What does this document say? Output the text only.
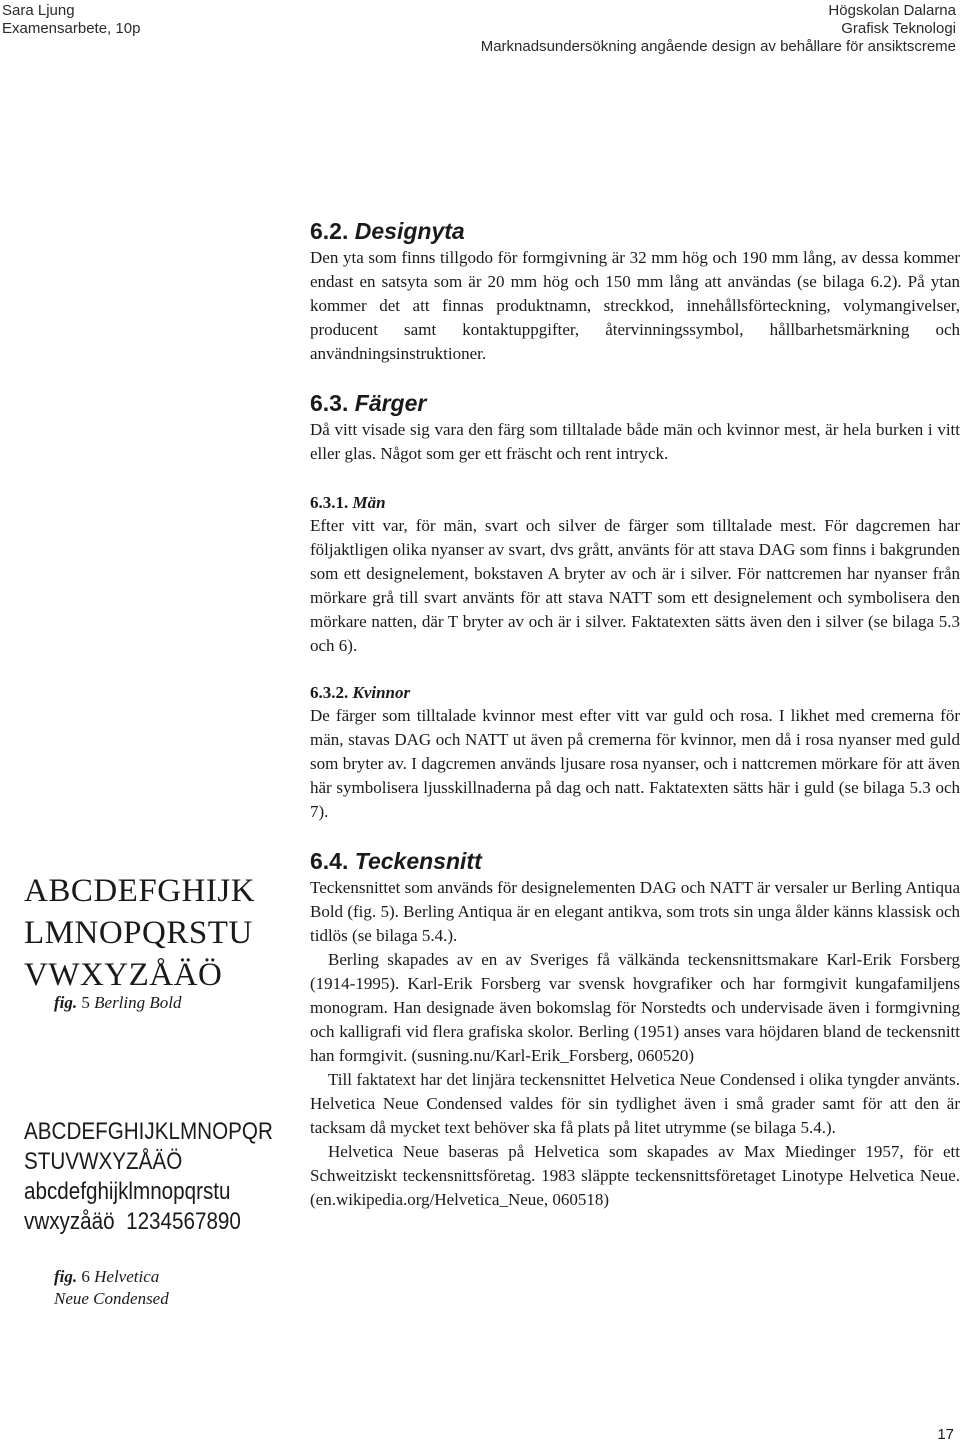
Sara Ljung
Examensarbete, 10p
Högskolan Dalarna
Grafisk Teknologi
Marknadsundersökning angående design av behållare för ansiktscreme
6.2. Designyta

Den yta som finns tillgodo för formgivning är 32 mm hög och 190 mm lång, av dessa kommer endast en satsyta som är 20 mm hög och 150 mm lång att användas (se bilaga 6.2). På ytan kommer det att finnas produktnamn, streckkod, innehållsförteckning, volymangivelser, producent samt kontaktuppgifter, återvinningssymbol, hållbarhetsmärkning och användningsinstruktioner.

6.3. Färger

Då vitt visade sig vara den färg som tilltalade både män och kvinnor mest, är hela burken i vitt eller glas. Något som ger ett fräscht och rent intryck.

6.3.1. Män

Efter vitt var, för män, svart och silver de färger som tilltalade mest. För dagcremen har följaktligen olika nyanser av svart, dvs grått, använts för att stava DAG som finns i bakgrunden som ett designelement, bokstaven A bryter av och är i silver. För nattcremen har nyanser från mörkare grå till svart använts för att stava NATT som ett designelement och symbolisera den mörkare natten, där T bryter av och är i silver. Faktatexten sätts även den i silver (se bilaga 5.3 och 6).

6.3.2. Kvinnor

De färger som tilltalade kvinnor mest efter vitt var guld och rosa. I likhet med cremerna för män, stavas DAG och NATT ut även på cremerna för kvinnor, men då i rosa nyanser med guld som bryter av. I dagcremen används ljusare rosa nyanser, och i nattcremen mörkare för att även här symbolisera ljusskillnaderna på dag och natt. Faktatexten sätts här i guld (se bilaga 5.3 och 7).

6.4. Teckensnitt

Teckensnittet som används för designelementen DAG och NATT är versaler ur Berling Antiqua Bold (fig. 5). Berling Antiqua är en elegant antikva, som trots sin unga ålder känns klassisk och tidlös (se bilaga 5.4.).

Berling skapades av en av Sveriges få välkända teckensnittsmakare Karl-Erik Forsberg (1914-1995). Karl-Erik Forsberg var svensk hovgrafiker och har formgivit kungafamiljens monogram. Han designade även bokomslag för Norstedts och undervisade även i formgivning och kalligrafi vid flera grafiska skolor. Berling (1951) anses vara höjdaren bland de teckensnitt han formgivit. (susning.nu/Karl-Erik_Forsberg, 060520)

Till faktatext har det linjära teckensnittet Helvetica Neue Condensed i olika tyngder använts. Helvetica Neue Condensed valdes för sin tydlighet även i små grader samt för att den är tacksam då mycket text behöver ska få plats på litet utrymme (se bilaga 5.4.).

Helvetica Neue baseras på Helvetica som skapades av Max Miedinger 1957, för ett Schweitziskt teckensnittsföretag. 1983 släppte teckensnittsföretaget Linotype Helvetica Neue. (en.wikipedia.org/Helvetica_Neue, 060518)

ABCDEFGHIJK
LMNOPQRSTU
VWXYZÅÄÖ
fig. 5 Berling Bold
ABCDEFGHIJKLMNOPQR
STUVWXYZÅÄÖ
abcdefghijklmnopqrstu
vwxyzåäö  1234567890
fig. 6 Helvetica
Neue Condensed
17
